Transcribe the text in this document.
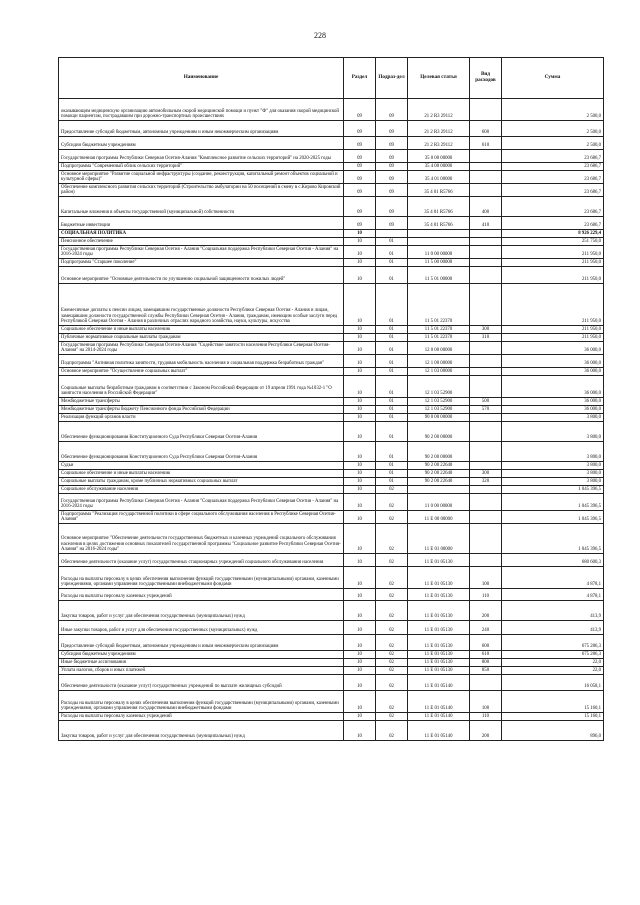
228
Наименование	Раздел	Подраз-дел	Целевая статья	Вид расходов	Сумма
оказывающим медицинскую организацию автомобильным скорой медицинской помощи и пункт "Ф" для оказания скорой медицинской помощи пациентам, пострадавшим при дорожно-транспортных происшествиях	09	09	21 2 R3 29112		2 500,0
Предоставление субсидий бюджетным, автономным учреждениям и иным некоммерческим организациям	09	09	21 2 R3 29112	600	2 500,0
Субсидии бюджетным учреждениям	09	09	21 2 R3 29112	610	2 500,0
Государственная программа Республики Северная Осетия-Алания "Комплексное развитие сельских территорий" на 2020-2025 годы	09	09	35 0 00 00000		23 686,7
Подпрограмма "Современный облик сельских территорий"	09	09	35 4 00 00000		23 686,7
Основное мероприятие "Развитие социальной инфраструктуры (создание, реконструкция, капитальный ремонт объектов социальной и культурной сферы)"	09	09	35 4 01 00000		23 686,7
Обеспечение комплексного развития сельских территорий (Строительство амбулатории на 50 посещений в смену в с.Кирово Кировский район)	09	09	35 4 01 R5766		23 686,7
Капитальные вложения в объекты государственной (муниципальной) собственности	09	09	35 4 01 R5766	400	23 686,7
Бюджетные инвестиции	09	09	35 4 01 R5766	410	23 686,7
СОЦИАЛЬНАЯ ПОЛИТИКА	10				8 926 229,4
Пенсионное обеспечение	10	01			251 750,0
Государственная программа Республики Северная Осетия - Алания "Социальная поддержка Республики Северная Осетия - Алания" на 2016-2024 годы	10	01	11 0 00 00000		211 950,0
Подпрограмма "Старшее поколение"	10	01	11 5 00 00000		211 950,0
Основное мероприятие "Основные деятельности по улучшению социальной защищенности пожилых людей"	10	01	11 5 01 00000		211 950,0
Ежемесячные доплаты к пенсии лицам, замещавшим государственные должности Республики Северная Осетия - Алания и лицам, замещавшим должности государственной службы Республики Северная Осетия - Алания, гражданам, имеющим особые заслуги перед Республикой Северная Осетия - Алания в различных отраслях народного хозяйства, науки, культуры, искусства	10	01	11 5 01 22370		211 950,0
Социальное обеспечение и иные выплаты населению	10	01	11 5 01 22370	300	211 950,0
Публичные нормативные социальные выплаты гражданам	10	01	11 5 01 22370	310	211 950,0
Государственная программа Республики Северная Осетия-Алания "Содействие занятости населения Республики Северная Осетия-Алания" на 2014-2024 годы	10	01	12 0 00 00000		36 000,0
Подпрограмма "Активная политика занятости, трудовая мобильность населения и социальная поддержка безработных граждан"	10	01	12 1 00 00000		36 000,0
Основное мероприятие "Осуществление социальных выплат"	10	01	12 1 03 00000		36 000,0
Социальные выплаты безработным гражданам в соответствии с Законом Российской Федерации от 19 апреля 1991 года №1032-1 "О занятости населения в Российской Федерации"	10	01	12 1 03 52900		36 000,0
Межбюджетные трансферты	10	01	12 1 03 52900	500	36 000,0
Межбюджетные трансферты бюджету Пенсионного фонда Российской Федерации	10	01	12 1 03 52900	570	36 000,0
Реализация функций органов власти	10	01	90 0 00 00000		3 800,0
Обеспечение функционирования Конституционного Суда Республики Северная Осетия-Алания	10	01	90 2 00 00000		3 800,0
Обеспечение функционирования Конституционного Суда Республики Северная Осетия-Алания	10	01	90 2 00 00000		3 800,0
Судьи	10	01	90 2 00 22640		3 800,0
Социальное обеспечение и иные выплаты населению	10	01	90 2 00 22640	300	3 800,0
Социальные выплаты гражданам, кроме публичных нормативных социальных выплат	10	01	90 2 00 22640	320	3 800,0
Социальное обслуживание населения	10	02			1 045 396,5
Государственная программа Республики Северная Осетия - Алания "Социальная поддержка Республики Северная Осетия - Алания" на 2016-2024 годы	10	02	11 0 00 00000		1 045 396,5
Подпрограмма "Реализация государственной политики в сфере социального обслуживания населения в Республике Северная Осетия-Алания"	10	02	11 Е 00 00000		1 045 396,5
Основное мероприятие "Обеспечение деятельности государственных бюджетных и казенных учреждений социального обслуживания населения в целях достижения основных показателей государственной программы "Социальное развитие Республики Северная Осетия-Алания" на 2016-2024 годы"	10	02	11 Е 01 00000		1 045 396,5
Обеспечение деятельности (оказание услуг) государственных стационарных учреждений социального обслуживания населения	10	02	11 Е 01 05130		680 600,3
Расходы на выплаты персоналу в целях обеспечения выполнения функций государственными (муниципальными) органами, казенными учреждениями, органами управления государственными внебюджетными фондами	10	02	11 Е 01 05130	100	4 878,1
Расходы на выплаты персоналу казенных учреждений	10	02	11 Е 01 05130	110	4 878,1
Закупка товаров, работ и услуг для обеспечения государственных (муниципальных) нужд	10	02	11 Е 01 05130	200	413,9
Иные закупки товаров, работ и услуг для обеспечения государственных (муниципальных) нужд	10	02	11 Е 01 05130	240	413,9
Предоставление субсидий бюджетным, автономным учреждениям и иным некоммерческим организациям	10	02	11 Е 01 05130	600	675 286,3
Субсидии бюджетным учреждениям	10	02	11 Е 01 05130	610	675 286,3
Иные бюджетные ассигнования	10	02	11 Е 01 05130	800	22,0
Уплата налогов, сборов и иных платежей	10	02	11 Е 01 05130	850	22,0
Обеспечение деятельности (оказание услуг) государственных учреждений по выплате жилищных субсидий	10	02	11 Е 01 05140		16 058,1
Расходы на выплаты персоналу в целях обеспечения выполнения функций государственными (муниципальными) органами, казенными учреждениями, органами управления государственными внебюджетными фондами	10	02	11 Е 01 05140	100	15 160,1
Расходы на выплаты персоналу казенных учреждений	10	02	11 Е 01 05140	110	15 160,1
Закупка товаров, работ и услуг для обеспечения государственных (муниципальных) нужд	10	02	11 Е 01 05140	200	896,0
